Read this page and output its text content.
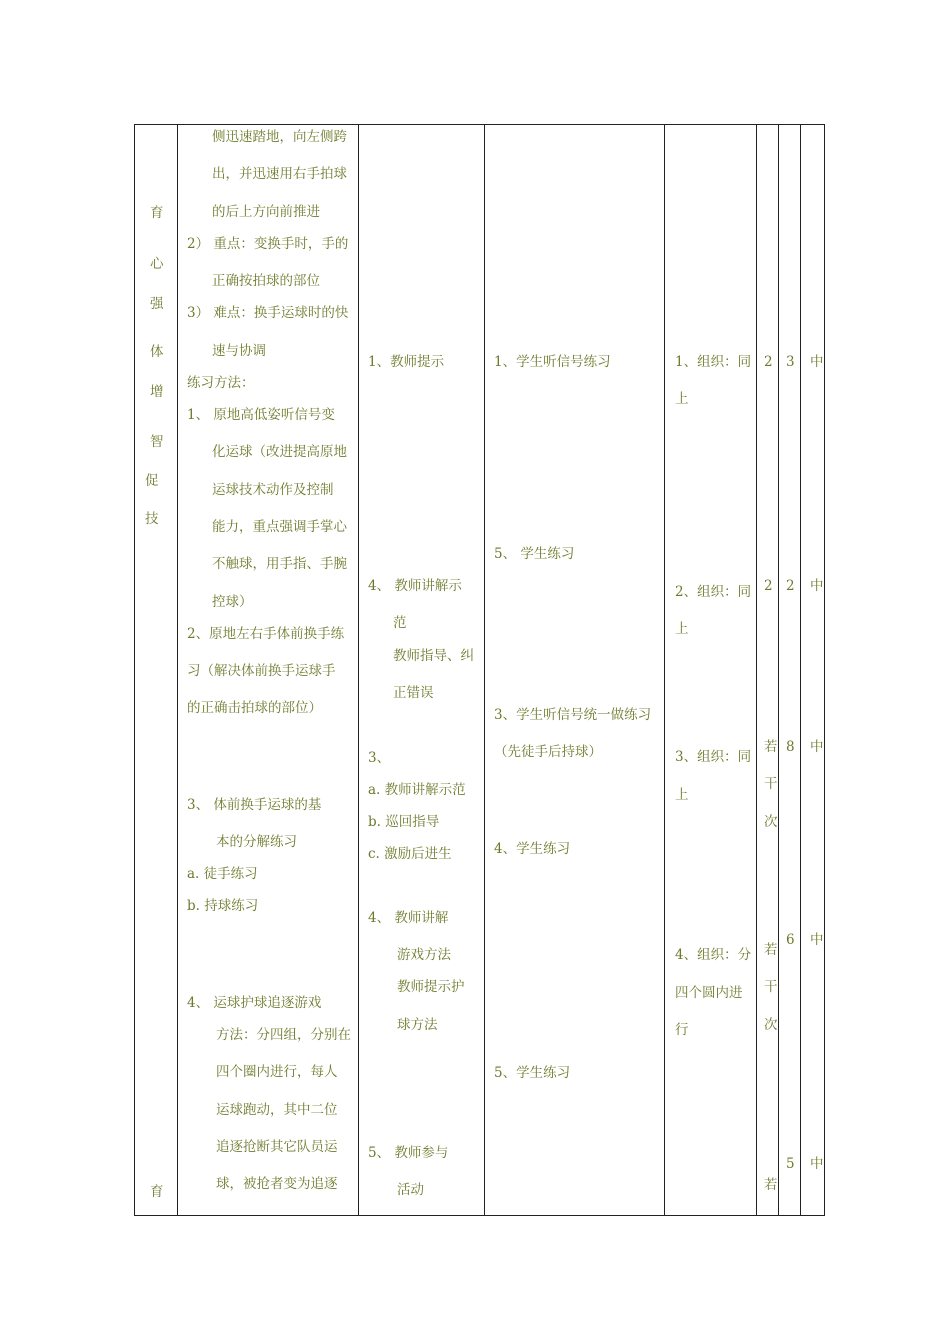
育
心
强
体
增
智
促
技
育
侧迅速踏地，向左侧跨
出，并迅速用右手拍球
的后上方向前推进
2） 重点：变换手时，手的
正确按拍球的部位
3） 难点：换手运球时的快
速与协调
练习方法：
1、 原地高低姿听信号变
化运球（改进提高原地
运球技术动作及控制
能力，重点强调手掌心
不触球，用手指、手腕
控球）
2、原地左右手体前换手练
习（解决体前换手运球手
的正确击拍球的部位）
3、 体前换手运球的基
本的分解练习
a. 徒手练习
b. 持球练习
4、 运球护球追逐游戏
方法：分四组，分别在
四个圈内进行，每人
运球跑动，其中二位
追逐抢断其它队员运
球，被抢者变为追逐
1、教师提示
4、 教师讲解示
范
教师指导、纠
正错误
3、
a. 教师讲解示范
b. 巡回指导
c. 激励后进生
4、 教师讲解
游戏方法
教师提示护
球方法
5、 教师参与
活动
1、学生听信号练习
5、 学生练习
3、学生听信号统一做练习
（先徒手后持球）
4、学生练习
5、学生练习
1、组织：同
上
2、组织：同
上
3、组织：同
上
4、组织：分
四个圆内进
行
2
2
若
干
次
若
干
次
若
3
2
8
6
5
中
中
中
中
中
